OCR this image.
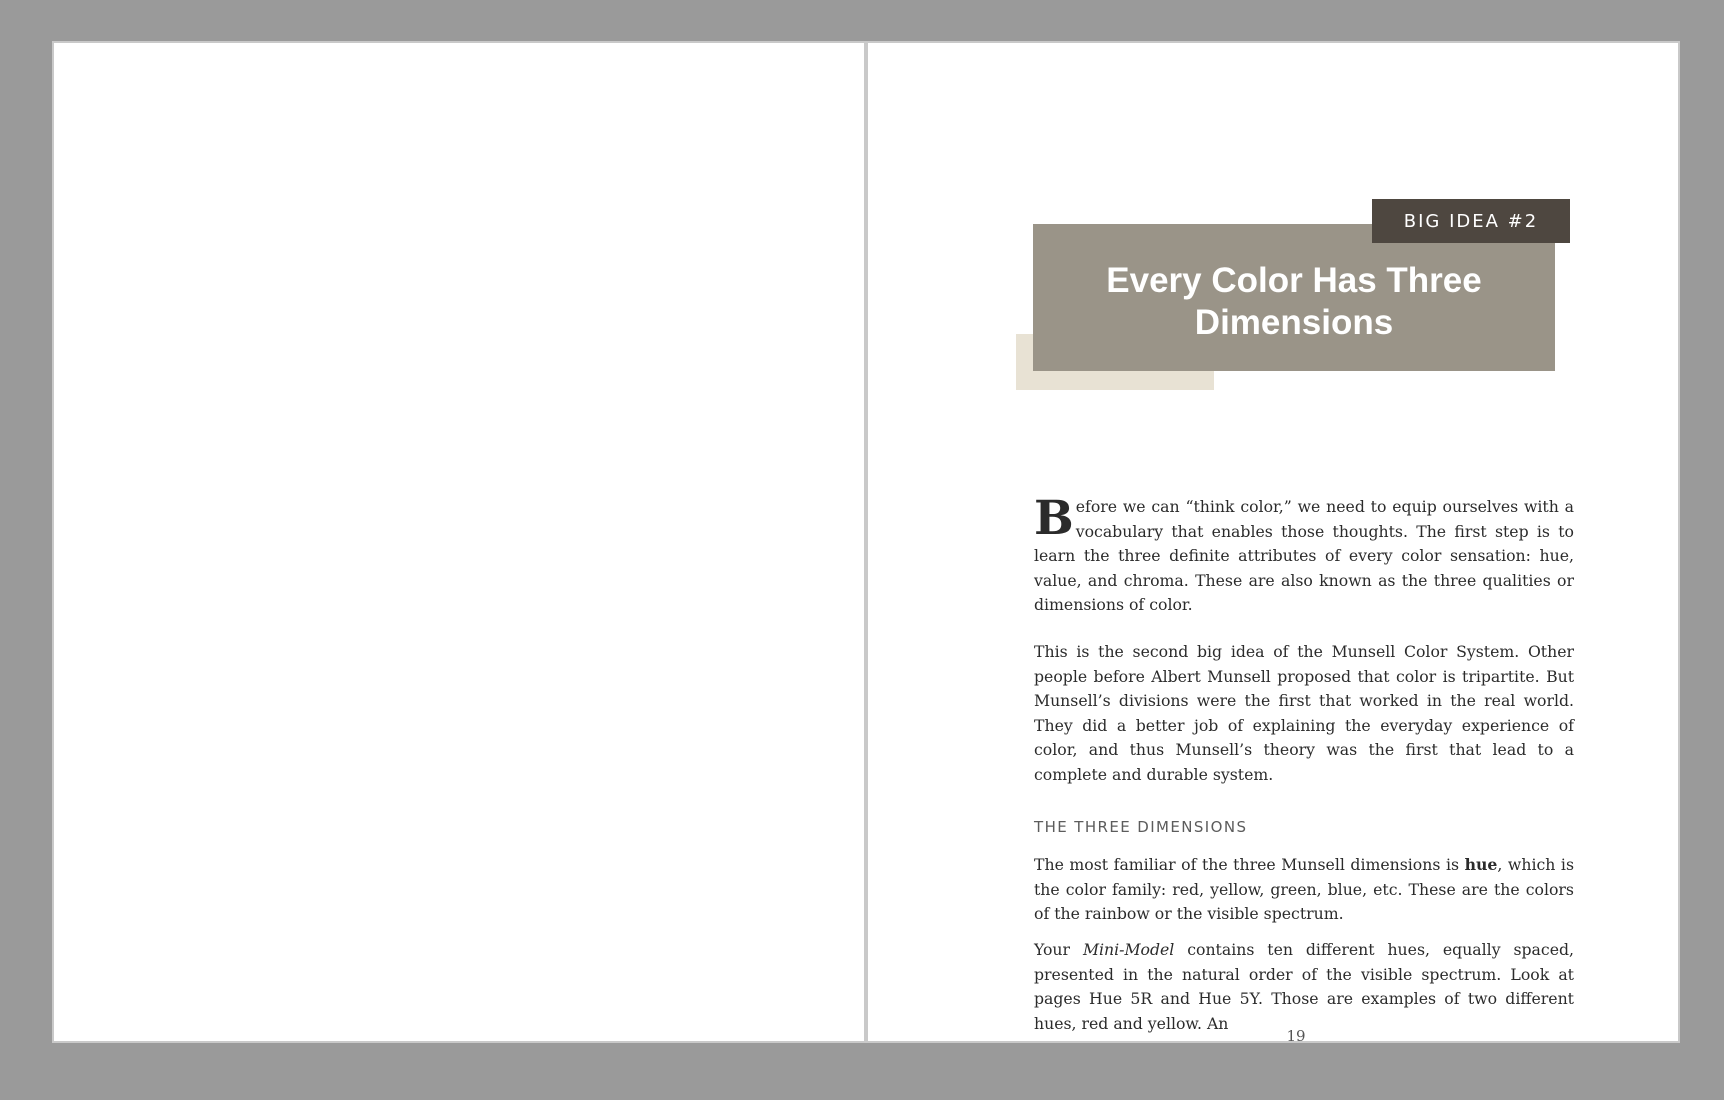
Every Color Has Three Dimensions
BIG IDEA #2

Before we can “think color,” we need to equip ourselves with a vocabulary that enables those thoughts. The first step is to learn the three definite attributes of every color sensation: hue, value, and chroma. These are also known as the three qualities or dimensions of color.

This is the second big idea of the Munsell Color System. Other people before Albert Munsell proposed that color is tripartite. But Munsell’s divisions were the first that worked in the real world. They did a better job of explaining the everyday experience of color, and thus Munsell’s theory was the first that lead to a complete and durable system.

THE THREE DIMENSIONS

The most familiar of the three Munsell dimensions is hue, which is the color family: red, yellow, green, blue, etc. These are the colors of the rainbow or the visible spectrum.

Your Mini-Model contains ten different hues, equally spaced, presented in the natural order of the visible spectrum. Look at pages Hue 5R and Hue 5Y. Those are examples of two different hues, red and yellow. An

19
